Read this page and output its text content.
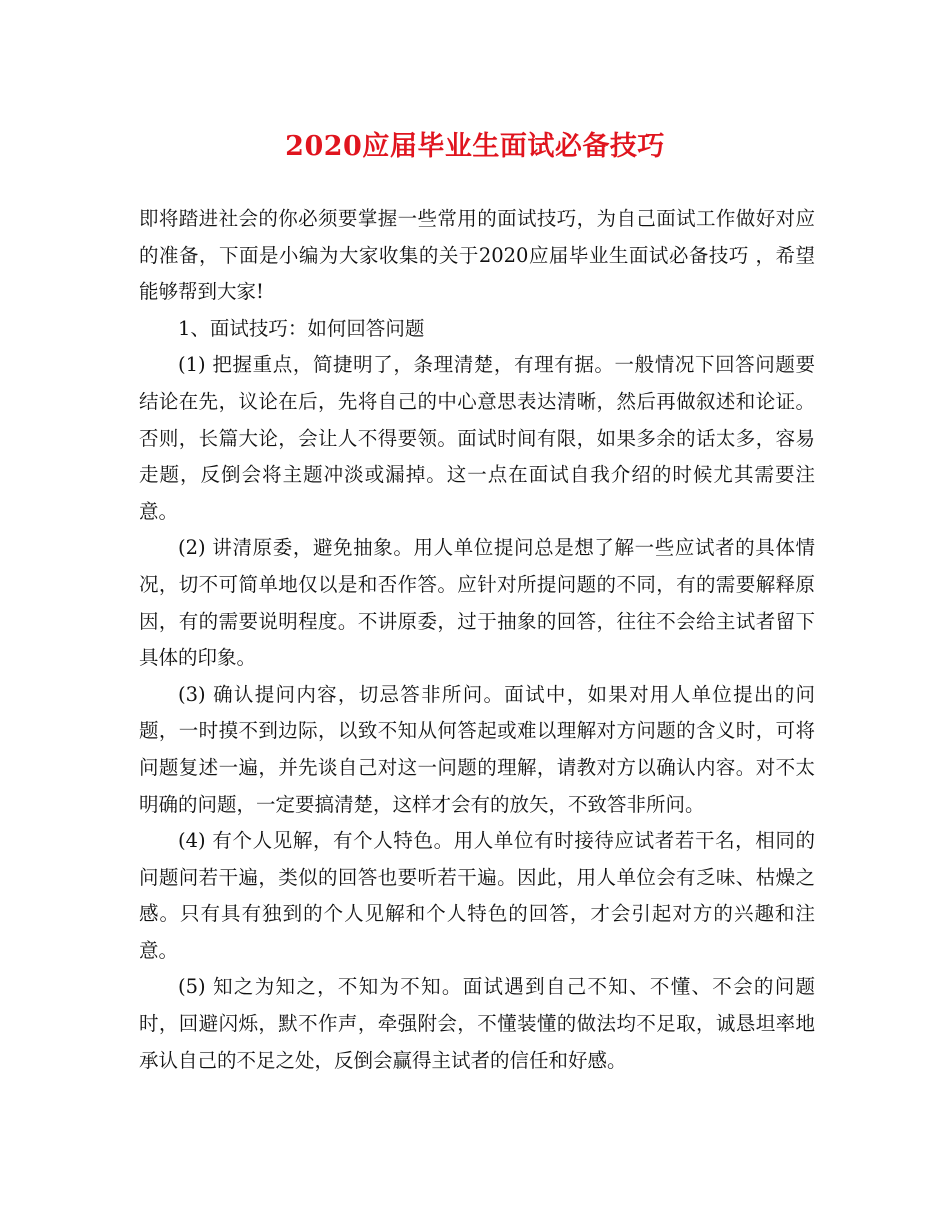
2020应届毕业生面试必备技巧

即将踏进社会的你必须要掌握一些常用的面试技巧，为自己面试工作做好对应的准备，下面是小编为大家收集的关于2020应届毕业生面试必备技巧 ，希望能够帮到大家!

1、面试技巧：如何回答问题

(1) 把握重点，简捷明了，条理清楚，有理有据。一般情况下回答问题要结论在先，议论在后，先将自己的中心意思表达清晰，然后再做叙述和论证。否则，长篇大论，会让人不得要领。面试时间有限，如果多余的话太多，容易走题，反倒会将主题冲淡或漏掉。这一点在面试自我介绍的时候尤其需要注意。

(2) 讲清原委，避免抽象。用人单位提问总是想了解一些应试者的具体情况，切不可简单地仅以是和否作答。应针对所提问题的不同，有的需要解释原因，有的需要说明程度。不讲原委，过于抽象的回答，往往不会给主试者留下具体的印象。

(3) 确认提问内容，切忌答非所问。面试中，如果对用人单位提出的问题，一时摸不到边际，以致不知从何答起或难以理解对方问题的含义时，可将问题复述一遍，并先谈自己对这一问题的理解，请教对方以确认内容。对不太明确的问题，一定要搞清楚，这样才会有的放矢，不致答非所问。

(4) 有个人见解，有个人特色。用人单位有时接待应试者若干名，相同的问题问若干遍，类似的回答也要听若干遍。因此，用人单位会有乏味、枯燥之感。只有具有独到的个人见解和个人特色的回答，才会引起对方的兴趣和注意。

(5) 知之为知之，不知为不知。面试遇到自己不知、不懂、不会的问题时，回避闪烁，默不作声，牵强附会，不懂装懂的做法均不足取，诚恳坦率地承认自己的不足之处，反倒会赢得主试者的信任和好感。
